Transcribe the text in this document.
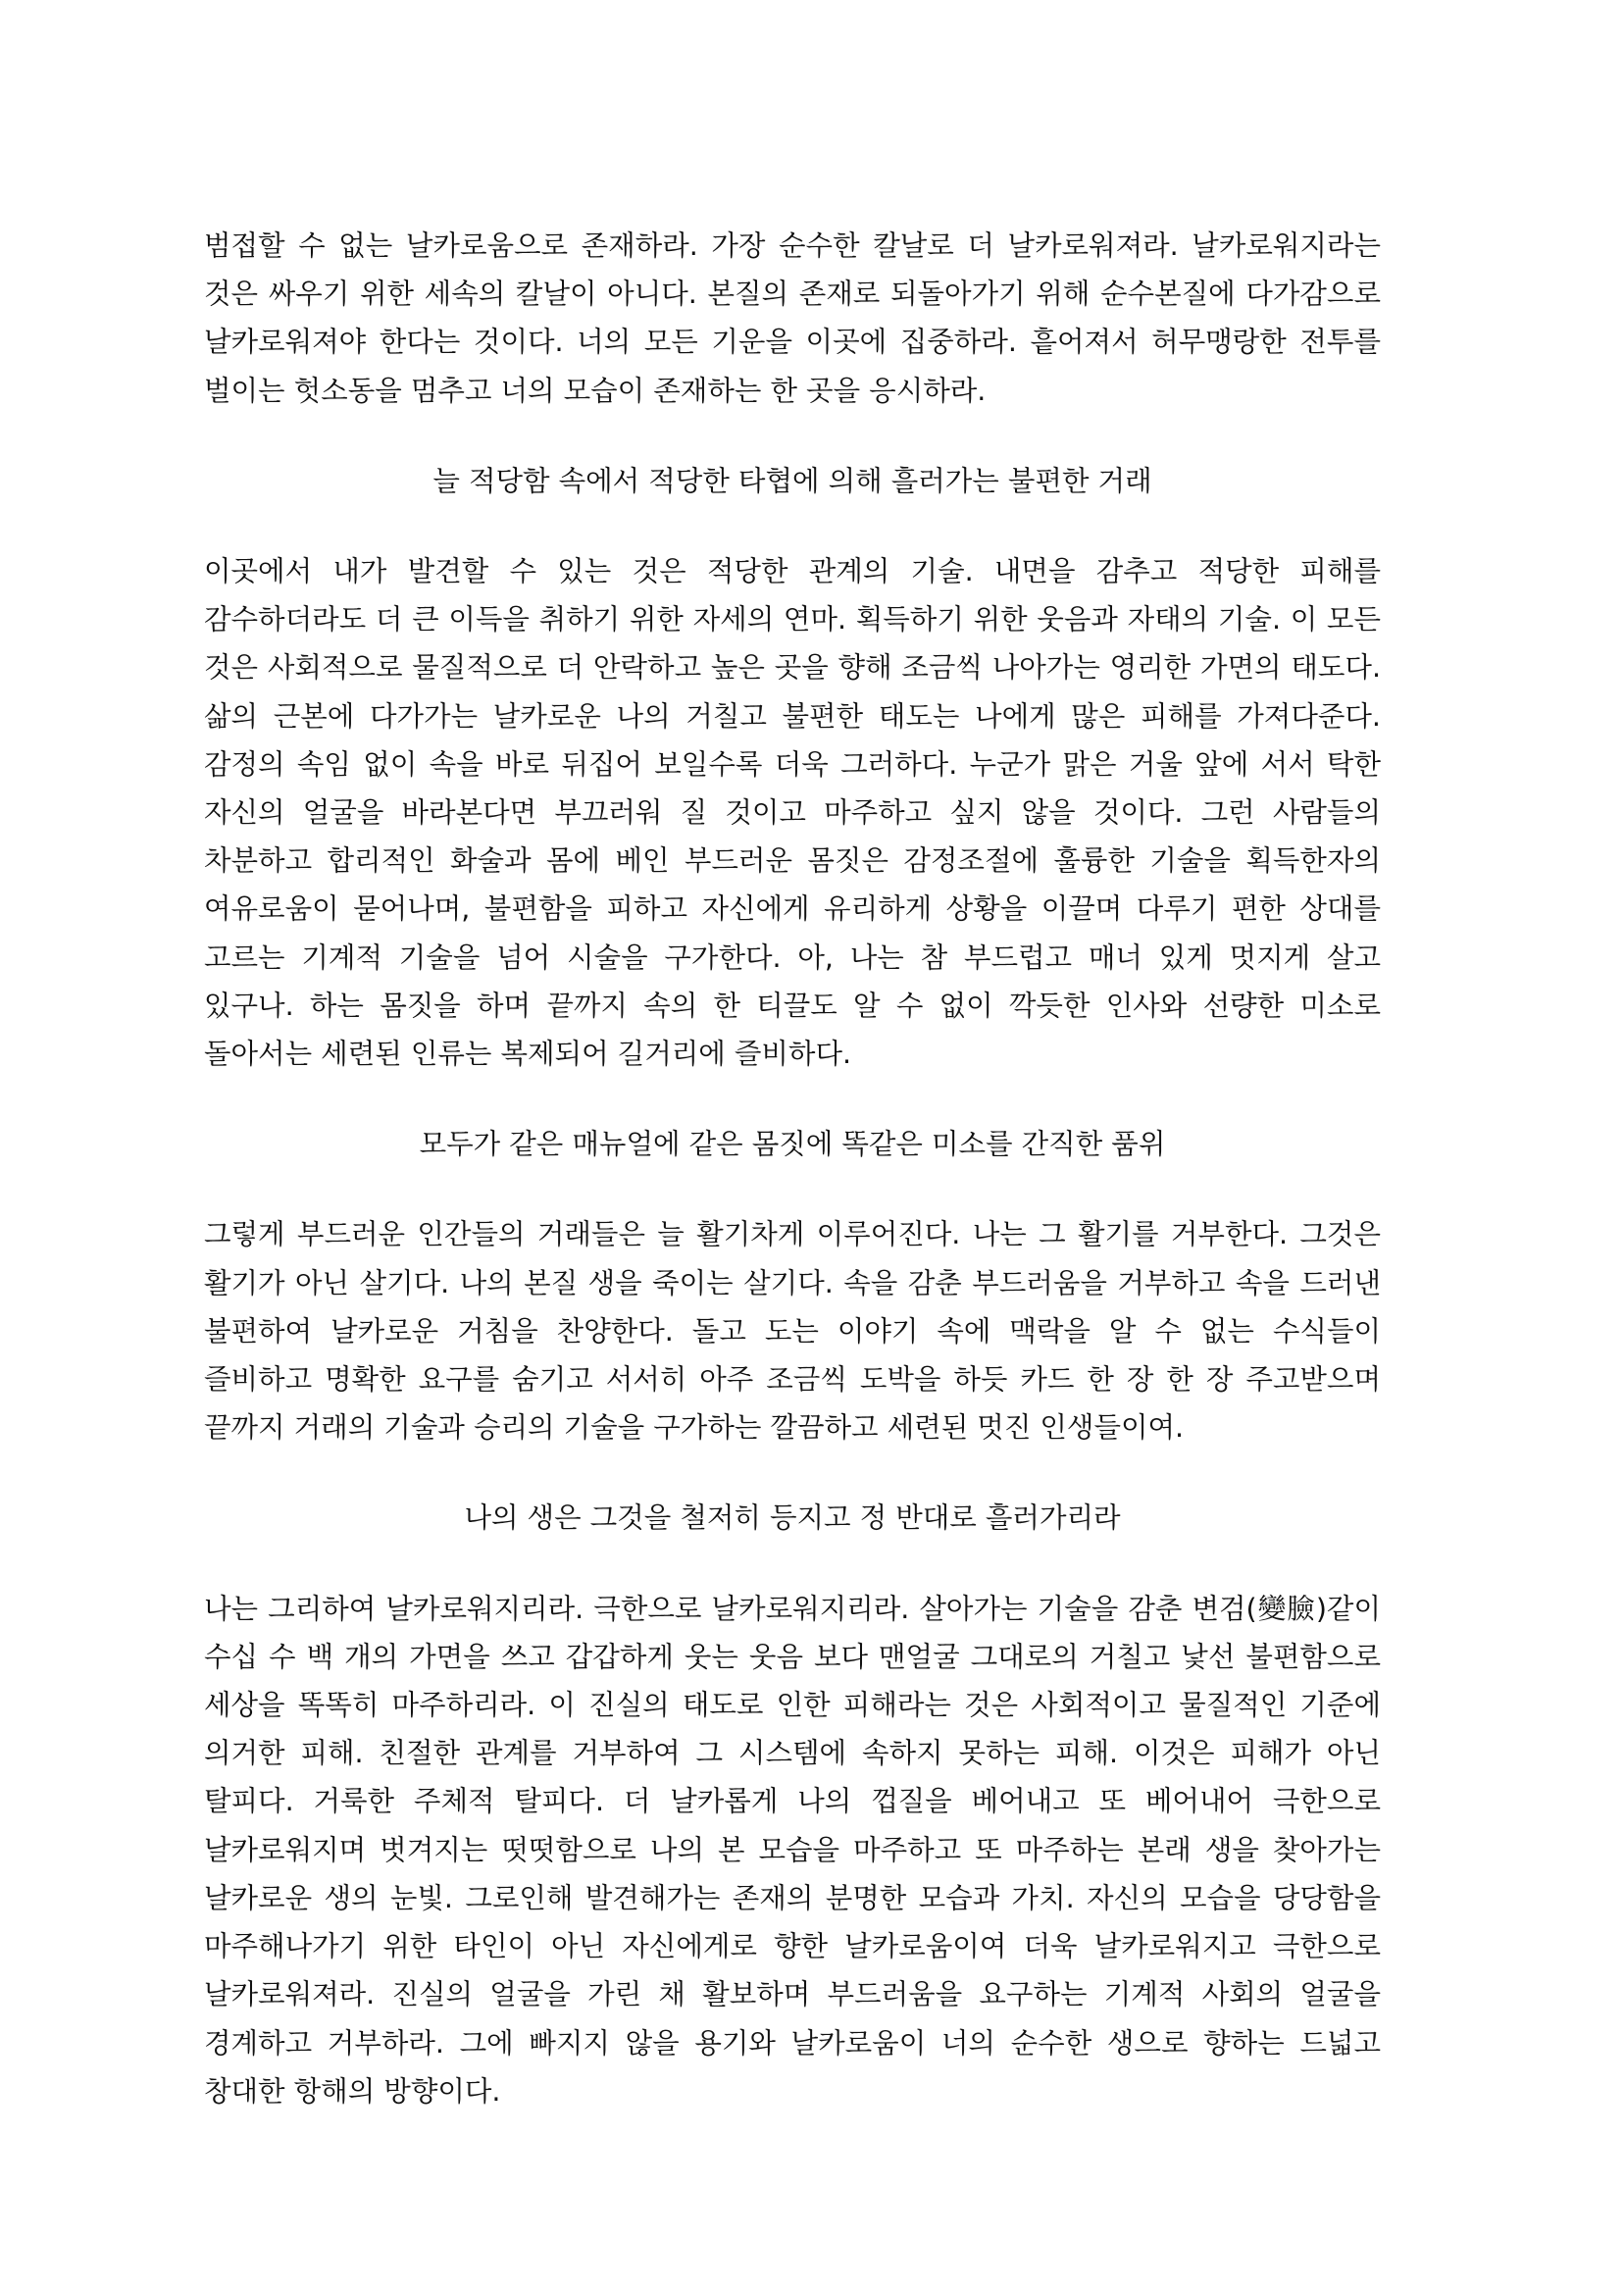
범접할 수 없는 날카로움으로 존재하라. 가장 순수한 칼날로 더 날카로워져라. 날카로워지라는 것은 싸우기 위한 세속의 칼날이 아니다. 본질의 존재로 되돌아가기 위해 순수본질에 다가감으로 날카로워져야 한다는 것이다. 너의 모든 기운을 이곳에 집중하라. 흩어져서 허무맹랑한 전투를 벌이는 헛소동을 멈추고 너의 모습이 존재하는 한 곳을 응시하라.

늘 적당함 속에서 적당한 타협에 의해 흘러가는 불편한 거래

이곳에서 내가 발견할 수 있는 것은 적당한 관계의 기술. 내면을 감추고 적당한 피해를 감수하더라도 더 큰 이득을 취하기 위한 자세의 연마. 획득하기 위한 웃음과 자태의 기술. 이 모든 것은 사회적으로 물질적으로 더 안락하고 높은 곳을 향해 조금씩 나아가는 영리한 가면의 태도다. 삶의 근본에 다가가는 날카로운 나의 거칠고 불편한 태도는 나에게 많은 피해를 가져다준다. 감정의 속임 없이 속을 바로 뒤집어 보일수록 더욱 그러하다. 누군가 맑은 거울 앞에 서서 탁한 자신의 얼굴을 바라본다면 부끄러워 질 것이고 마주하고 싶지 않을 것이다. 그런 사람들의 차분하고 합리적인 화술과 몸에 베인 부드러운 몸짓은 감정조절에 훌륭한 기술을 획득한자의 여유로움이 묻어나며, 불편함을 피하고 자신에게 유리하게 상황을 이끌며 다루기 편한 상대를 고르는 기계적 기술을 넘어 시술을 구가한다. 아, 나는 참 부드럽고 매너 있게 멋지게 살고 있구나. 하는 몸짓을 하며 끝까지 속의 한 티끌도 알 수 없이 깍듯한 인사와 선량한 미소로 돌아서는 세련된 인류는 복제되어 길거리에 즐비하다.

모두가 같은 매뉴얼에 같은 몸짓에 똑같은 미소를 간직한 품위

그렇게 부드러운 인간들의 거래들은 늘 활기차게 이루어진다. 나는 그 활기를 거부한다. 그것은 활기가 아닌 살기다. 나의 본질 생을 죽이는 살기다. 속을 감춘 부드러움을 거부하고 속을 드러낸 불편하여 날카로운 거침을 찬양한다. 돌고 도는 이야기 속에 맥락을 알 수 없는 수식들이 즐비하고 명확한 요구를 숨기고 서서히 아주 조금씩 도박을 하듯 카드 한 장 한 장 주고받으며 끝까지 거래의 기술과 승리의 기술을 구가하는 깔끔하고 세련된 멋진 인생들이여.

나의 생은 그것을 철저히 등지고 정 반대로 흘러가리라

나는 그리하여 날카로워지리라. 극한으로 날카로워지리라. 살아가는 기술을 감춘 변검(變臉)같이 수십 수 백 개의 가면을 쓰고 갑갑하게 웃는 웃음 보다 맨얼굴 그대로의 거칠고 낯선 불편함으로 세상을 똑똑히 마주하리라. 이 진실의 태도로 인한 피해라는 것은 사회적이고 물질적인 기준에 의거한 피해. 친절한 관계를 거부하여 그 시스템에 속하지 못하는 피해. 이것은 피해가 아닌 탈피다. 거룩한 주체적 탈피다. 더 날카롭게 나의 껍질을 베어내고 또 베어내어 극한으로 날카로워지며 벗겨지는 떳떳함으로 나의 본 모습을 마주하고 또 마주하는 본래 생을 찾아가는 날카로운 생의 눈빛. 그로인해 발견해가는 존재의 분명한 모습과 가치. 자신의 모습을 당당함을 마주해나가기 위한 타인이 아닌 자신에게로 향한 날카로움이여 더욱 날카로워지고 극한으로 날카로워져라. 진실의 얼굴을 가린 채 활보하며 부드러움을 요구하는 기계적 사회의 얼굴을 경계하고 거부하라. 그에 빠지지 않을 용기와 날카로움이 너의 순수한 생으로 향하는 드넓고 창대한 항해의 방향이다.
